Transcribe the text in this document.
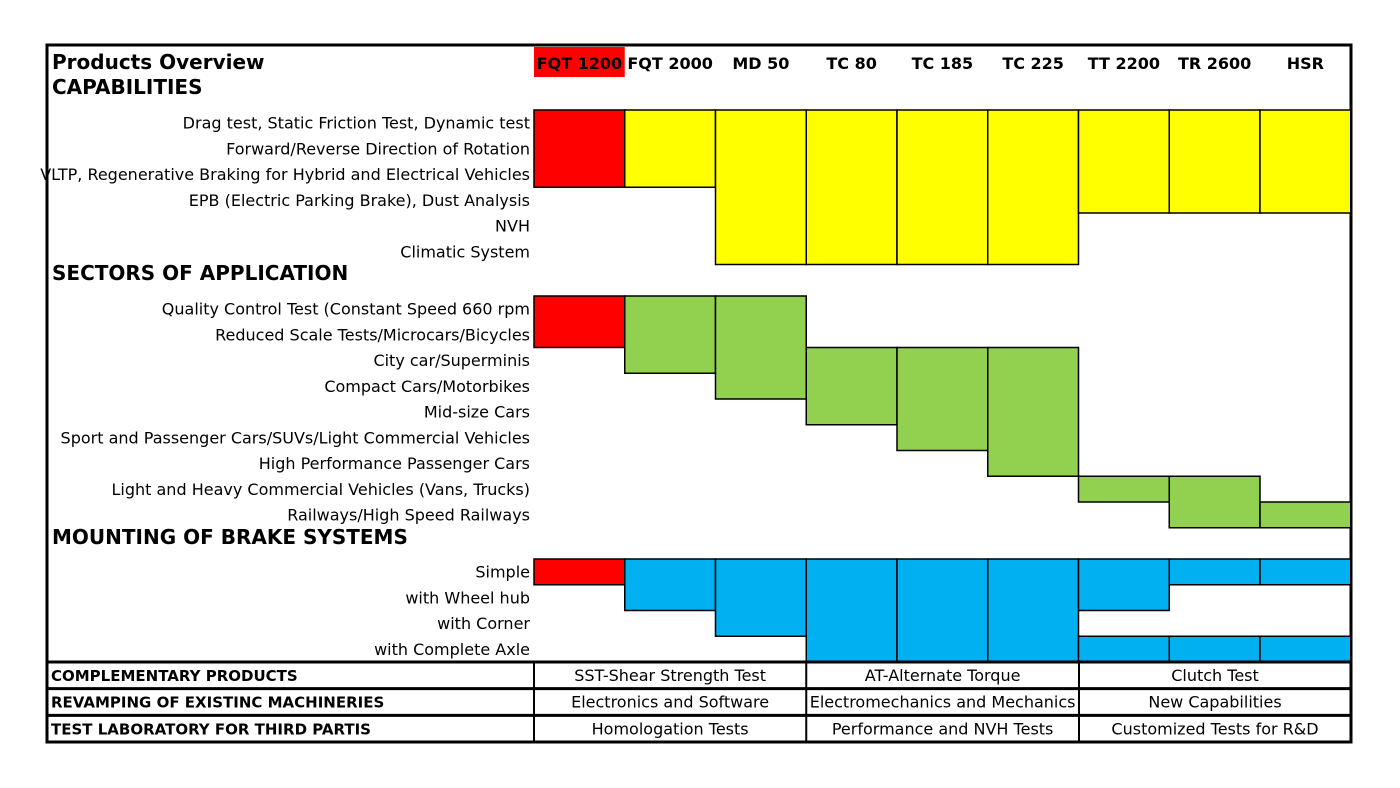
Products Overview	FQT 1200 FQT 2000 MD 50 TC 80 TC 185 TC 225 TT 2200 TR 2600 HSR
CAPABILITIES
Drag test, Static Friction Test, Dynamic test
Forward/Reverse Direction of Rotation
VLTP, Regenerative Braking for Hybrid and Electrical Vehicles
EPB (Electric Parking Brake), Dust Analysis
NVH
Climatic System
SECTORS OF APPLICATION
Quality Control Test (Constant Speed 660 rpm
Reduced Scale Tests/Microcars/Bicycles
City car/Superminis
Compact Cars/Motorbikes
Mid-size Cars
Sport and Passenger Cars/SUVs/Light Commercial Vehicles
High Performance Passenger Cars
Light and Heavy Commercial Vehicles (Vans, Trucks)
Railways/High Speed Railways
MOUNTING OF BRAKE SYSTEMS
Simple
with Wheel hub
with Corner
with Complete Axle
COMPLEMENTARY PRODUCTS	SST-Shear Strength Test	AT-Alternate Torque	Clutch Test
REVAMPING OF EXISTINC MACHINERIES	Electronics and Software	Electromechanics and Mechanics	New Capabilities
TEST LABORATORY FOR THIRD PARTIS	Homologation Tests	Performance and NVH Tests	Customized Tests for R&D
